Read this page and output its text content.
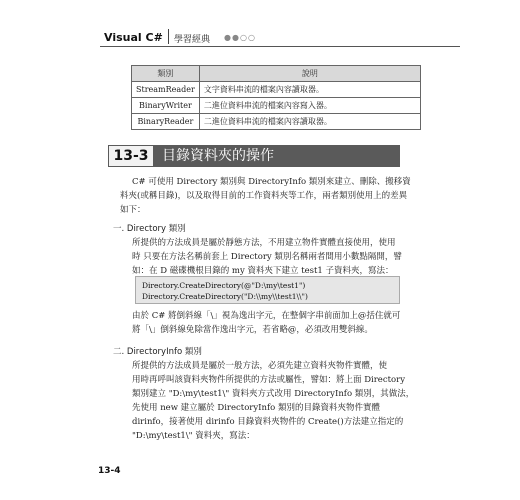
Visual C# 學習經典 ●●○○
類別	說明
StreamReader	文字資料串流的檔案內容讀取器。
BinaryWriter	二進位資料串流的檔案內容寫入器。
BinaryReader	二進位資料串流的檔案內容讀取器。
13-3 目錄資料夾的操作
C# 可使用 Directory 類別與 DirectoryInfo 類別來建立、刪除、搬移資
料夾(或稱目錄)，以及取得目前的工作資料夾等工作，兩者類別使用上的差異
如下：
一. Directory 類別
所提供的方法成員是屬於靜態方法，不用建立物件實體直接使用，使用
時 只要在方法名稱前套上 Directory 類別名稱兩者間用小數點隔開，譬
如：在 D 磁碟機根目錄的 my 資料夾下建立 test1 子資料夾，寫法：
Directory.CreateDirectory(@"D:\my\test1")
Directory.CreateDirectory("D:\\my\\test1\\")
由於 C# 將倒斜線「\」視為逸出字元，在整個字串前面加上@括住就可
將「\」倒斜線免除當作逸出字元，若省略@，必須改用雙斜線。
二. DirectoryInfo 類別
所提供的方法成員是屬於一般方法，必須先建立資料夾物件實體，使
用時再呼叫該資料夾物件所提供的方法或屬性，譬如：將上面 Directory
類別建立 "D:\my\test1\" 資料夾方式改用 DirectoryInfo 類別，其做法，
先使用 new 建立屬於 DirectoryInfo 類別的目錄資料夾物件實體
dirinfo，接著使用 dirinfo 目錄資料夾物件的 Create()方法建立指定的
"D:\my\test1\" 資料夾，寫法：
13-4
